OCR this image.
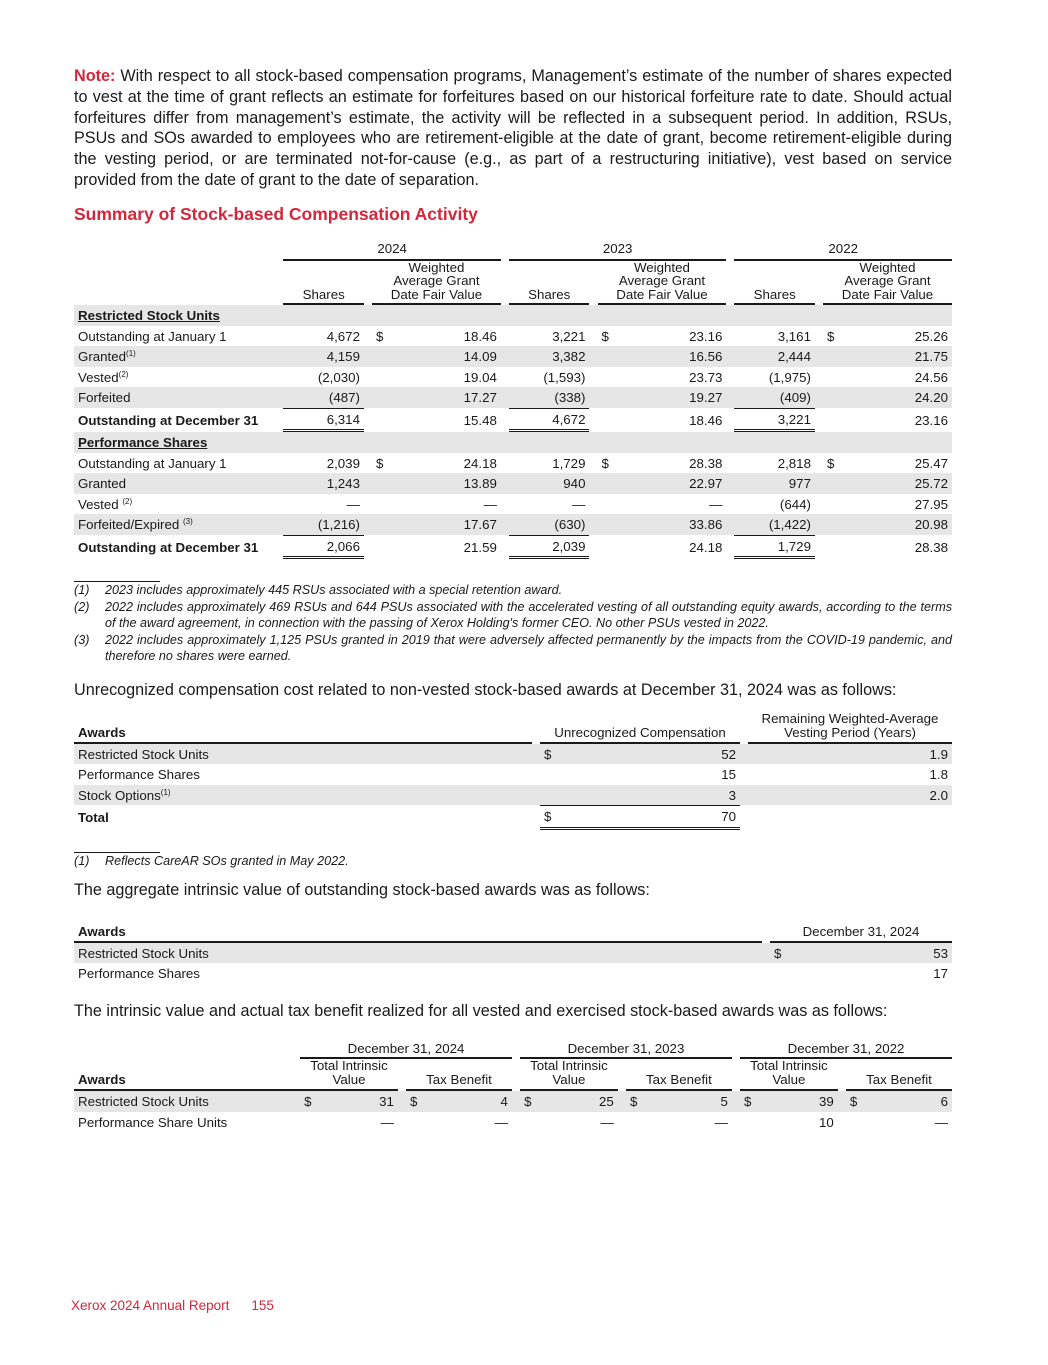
Note: With respect to all stock-based compensation programs, Management’s estimate of the number of shares expected to vest at the time of grant reflects an estimate for forfeitures based on our historical forfeiture rate to date. Should actual forfeitures differ from management’s estimate, the activity will be reflected in a subsequent period. In addition, RSUs, PSUs and SOs awarded to employees who are retirement-eligible at the date of grant, become retirement-eligible during the vesting period, or are terminated not-for-cause (e.g., as part of a restructuring initiative), vest based on service provided from the date of grant to the date of separation.

Summary of Stock-based Compensation Activity
	2024					2023					2022			
	Shares		Weighted
Average Grant
Date Fair Value			Shares		Weighted
Average Grant
Date Fair Value			Shares		Weighted
Average Grant
Date Fair Value	
Restricted Stock Units														
Outstanding at January 1	4,672		$	18.46		3,221		$	23.16		3,161		$	25.26
Granted$^{(1)}$	4,159			14.09		3,382			16.56		2,444			21.75
Vested$^{(2)}$	(2,030)			19.04		(1,593)			23.73		(1,975)			24.56
Forfeited	(487)			17.27		(338)			19.27		(409)			24.20
Outstanding at December 31	6,314			15.48		4,672			18.46		3,221			23.16
Performance Shares														
Outstanding at January 1	2,039		$	24.18		1,729		$	28.38		2,818		$	25.47
Granted	1,243			13.89		940			22.97		977			25.72
Vested $^{(2)}$	—			—		—			—		(644)			27.95
Forfeited/Expired $^{(3)}$	(1,216)			17.67		(630)			33.86		(1,422)			20.98
Outstanding at December 31	2,066			21.59		2,039			24.18		1,729			28.38
(1)	2023 includes approximately 445 RSUs associated with a special retention award.
(2)	2022 includes approximately 469 RSUs and 644 PSUs associated with the accelerated vesting of all outstanding equity awards, according to the terms of the award agreement, in connection with the passing of Xerox Holding's former CEO. No other PSUs vested in 2022.
(3)	2022 includes approximately 1,125 PSUs granted in 2019 that were adversely affected permanently by the impacts from the COVID-19 pandemic, and therefore no shares were earned.

Unrecognized compensation cost related to non-vested stock-based awards at December 31, 2024 was as follows:

Awards		Unrecognized Compensation			Remaining Weighted-Average
Vesting Period (Years)
Restricted Stock Units		$	52		1.9
Performance Shares			15		1.8
Stock Options$^{(1)}$			3		2.0
Total		$	70		
(1)	Reflects CareAR SOs granted in May 2022.

The aggregate intrinsic value of outstanding stock-based awards was as follows:

Awards		December 31, 2024	
Restricted Stock Units		$	53
Performance Shares			17

The intrinsic value and actual tax benefit realized for all vested and exercised stock-based awards was as follows:

	December 31, 2024						December 31, 2023						December 31, 2022				
Awards	Total Intrinsic
Value			Tax Benefit			Total Intrinsic
Value			Tax Benefit			Total Intrinsic
Value			Tax Benefit	
Restricted Stock Units	$	31		$	4		$	25		$	5		$	39		$	6
Performance Share Units		—			—			—			—			10			—
Xerox 2024 Annual Report 155
